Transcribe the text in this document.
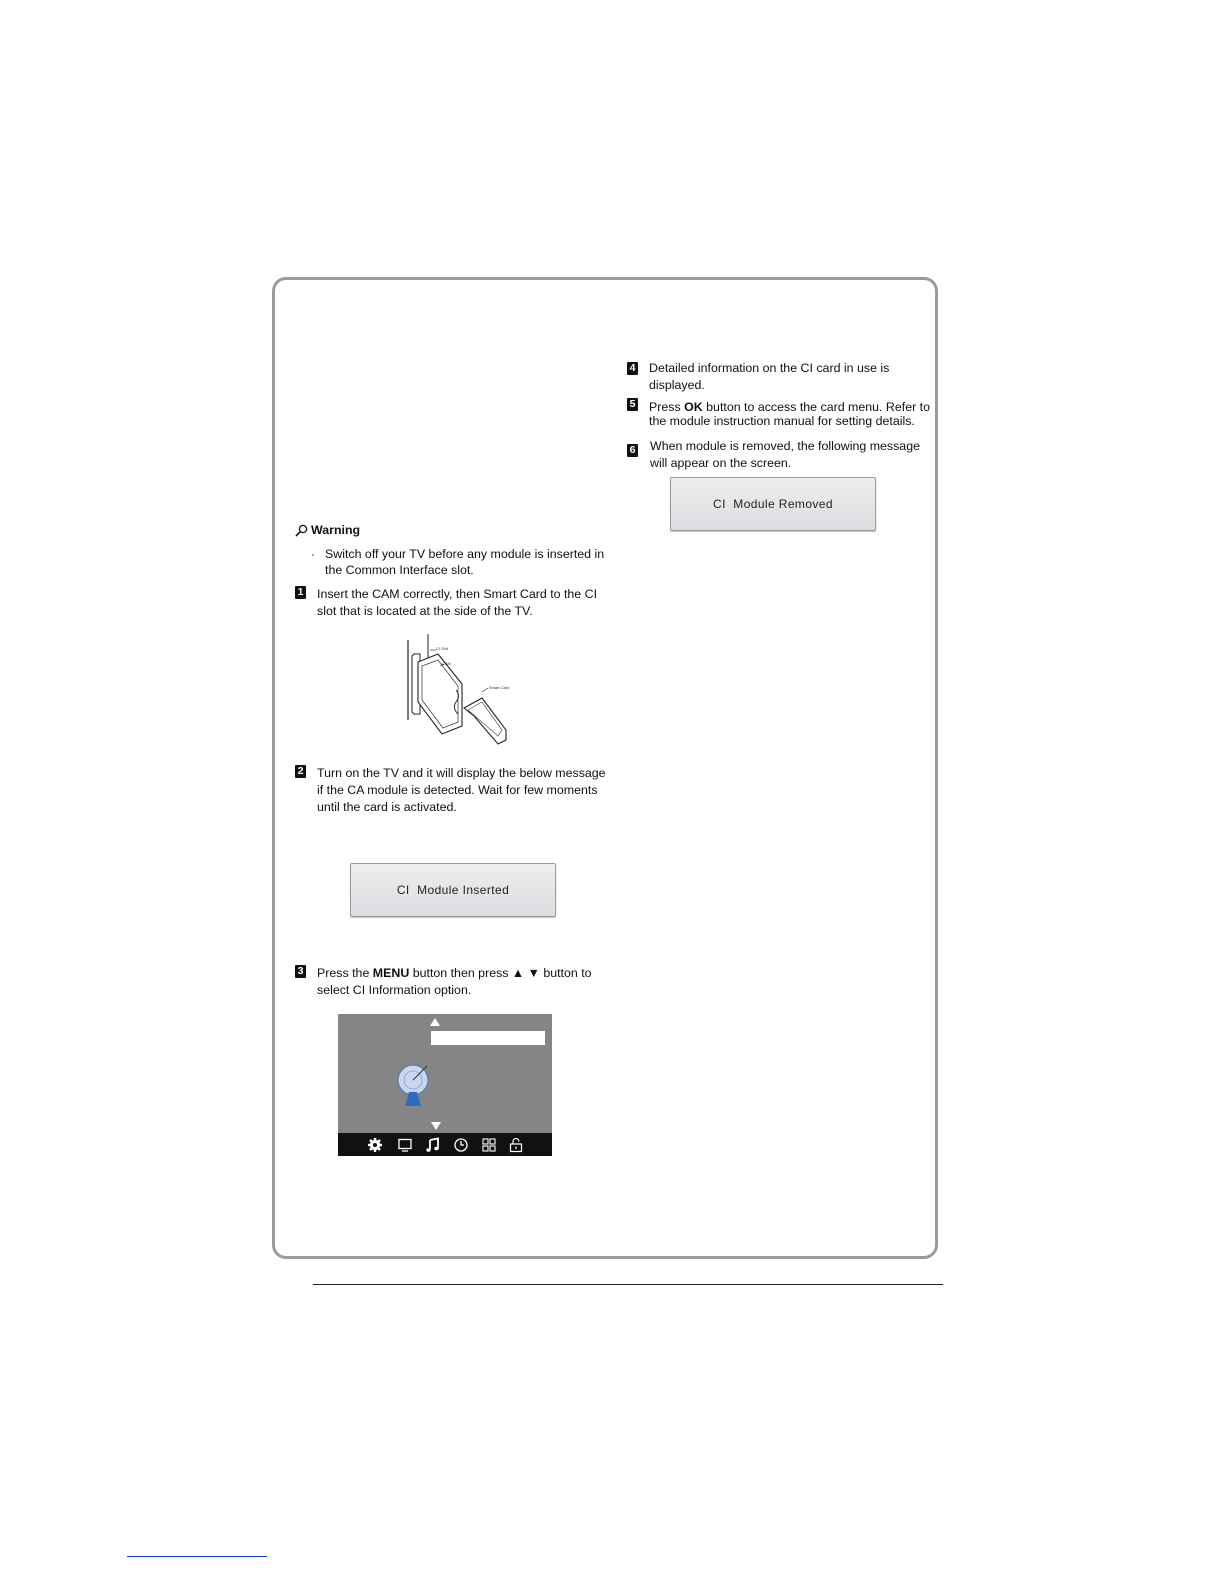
Warning
· Switch off your TV before any module is inserted in
the Common Interface slot.
1 Insert the CAM correctly, then Smart Card to the CI
slot that is located at the side of the TV.
CI Slot
CAM
Smart Card
2 Turn on the TV and it will display the below message
if the CA module is detected. Wait for few moments
until the card is activated.
CI  Module Inserted
3 Press the MENU button then press ▲ ▼ button to
select CI Information option.
4 Detailed information on the CI card in use is
displayed.
5 Press OK button to access the card menu. Refer to
the module instruction manual for setting details.
6 When module is removed, the following message
will appear on the screen.
CI  Module Removed
